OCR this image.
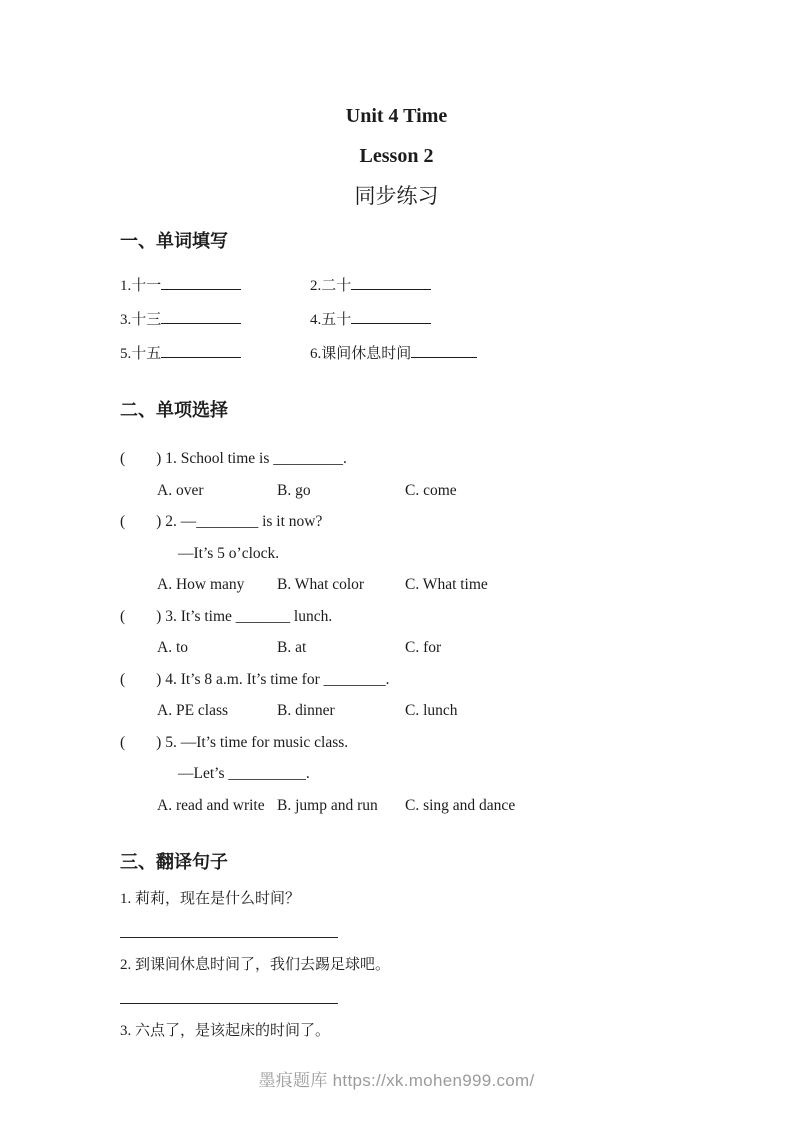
Unit 4 Time
Lesson 2
同步练习
一、单词填写
1.十一	2.二十
3.十三	4.五十
5.十五	6.课间休息时间
二、单项选择
(        ) 1. School time is _________.
A. over	B. go	C. come
(        ) 2. —________ is it now?
—It’s 5 o’clock.
A. How many	B. What color	C. What time
(        ) 3. It’s time _______ lunch.
A. to	B. at	C. for
(        ) 4. It’s 8 a.m. It’s time for ________.
A. PE class	B. dinner	C. lunch
(        ) 5. —It’s time for music class.
—Let’s __________.
A. read and write B. jump and run	C. sing and dance
三、翻译句子
1. 莉莉，现在是什么时间？
2. 到课间休息时间了，我们去踢足球吧。
3. 六点了，是该起床的时间了。
墨痕题库 https://xk.mohen999.com/
